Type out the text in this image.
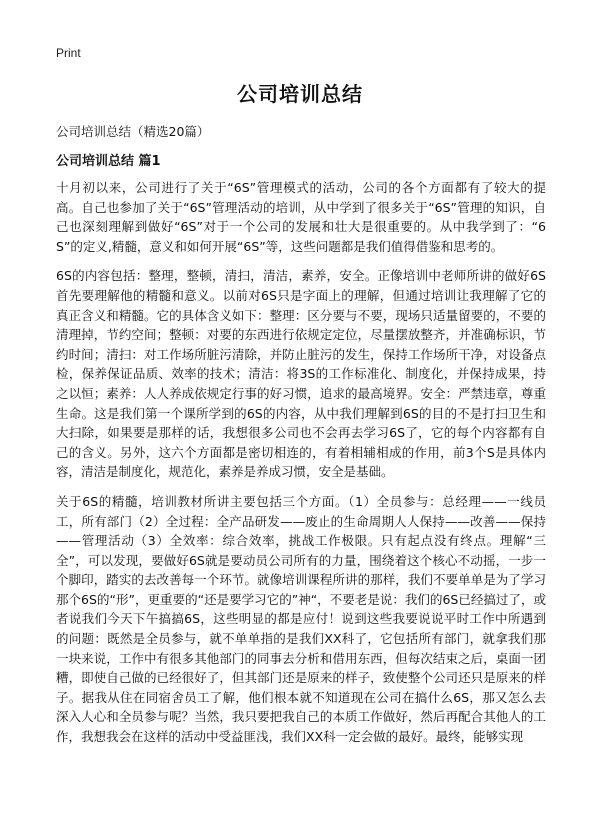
Print
公司培训总结
公司培训总结（精选20篇）
公司培训总结 篇1

十月初以来，公司进行了关于“6S”管理模式的活动，公司的各个方面都有了较大的提高。自己也参加了关于“6S”管理活动的培训，从中学到了很多关于“6S”管理的知识，自己也深刻理解到做好“6S”对于一个公司的发展和壮大是很重要的。从中我学到了：“6S”的定义,精髓，意义和如何开展“6S”等，这些问题都是我们值得借鉴和思考的。

6S的内容包括：整理，整顿，清扫，清洁，素养，安全。正像培训中老师所讲的做好6S首先要理解他的精髓和意义。以前对6S只是字面上的理解，但通过培训让我理解了它的真正含义和精髓。它的具体含义如下：整理：区分要与不要，现场只适量留要的，不要的清理掉，节约空间；整顿：对要的东西进行依规定定位，尽量摆放整齐，并准确标识，节约时间；清扫：对工作场所脏污清除，并防止脏污的发生，保持工作场所干净，对设备点检，保养保证品质、效率的技术；清洁：将3S的工作标准化、制度化，并保持成果，持之以恒；素养：人人养成依规定行事的好习惯，追求的最高境界。安全：严禁违章，尊重生命。这是我们第一个课所学到的6S的内容，从中我们理解到6S的目的不是打扫卫生和大扫除，如果要是那样的话，我想很多公司也不会再去学习6S了，它的每个内容都有自己的含义。另外，这六个方面都是密切相连的，有着相辅相成的作用，前3个S是具体内容，清洁是制度化，规范化，素养是养成习惯，安全是基础。

关于6S的精髓，培训教材所讲主要包括三个方面。（1）全员参与：总经理——一线员工，所有部门（2）全过程：全产品研发——废止的生命周期人人保持——改善——保持——管理活动（3）全效率：综合效率，挑战工作极限。只有起点没有终点。理解“三全”，可以发现，要做好6S就是要动员公司所有的力量，围绕着这个核心不动摇，一步一个脚印，踏实的去改善每一个环节。就像培训课程所讲的那样，我们不要单单是为了学习那个6S的“形”，更重要的“还是要学习它的”神“，不要老是说：我们的6S已经搞过了，或者说我们今天下午搞搞6S，这些明显的都是应付！说到这些我要说说平时工作中所遇到的问题：既然是全员参与，就不单单指的是我们XX科了，它包括所有部门，就拿我们那一块来说，工作中有很多其他部门的同事去分析和借用东西，但每次结束之后，桌面一团糟，即使自己做的已经很好了，但其部门还是原来的样子，致使整个公司还只是原来的样子。据我从住在同宿舍员工了解，他们根本就不知道现在公司在搞什么6S，那又怎么去深入人心和全员参与呢？当然，我只要把我自己的本质工作做好，然后再配合其他人的工作，我想我会在这样的活动中受益匪浅，我们XX科一定会做的最好。最终，能够实现
